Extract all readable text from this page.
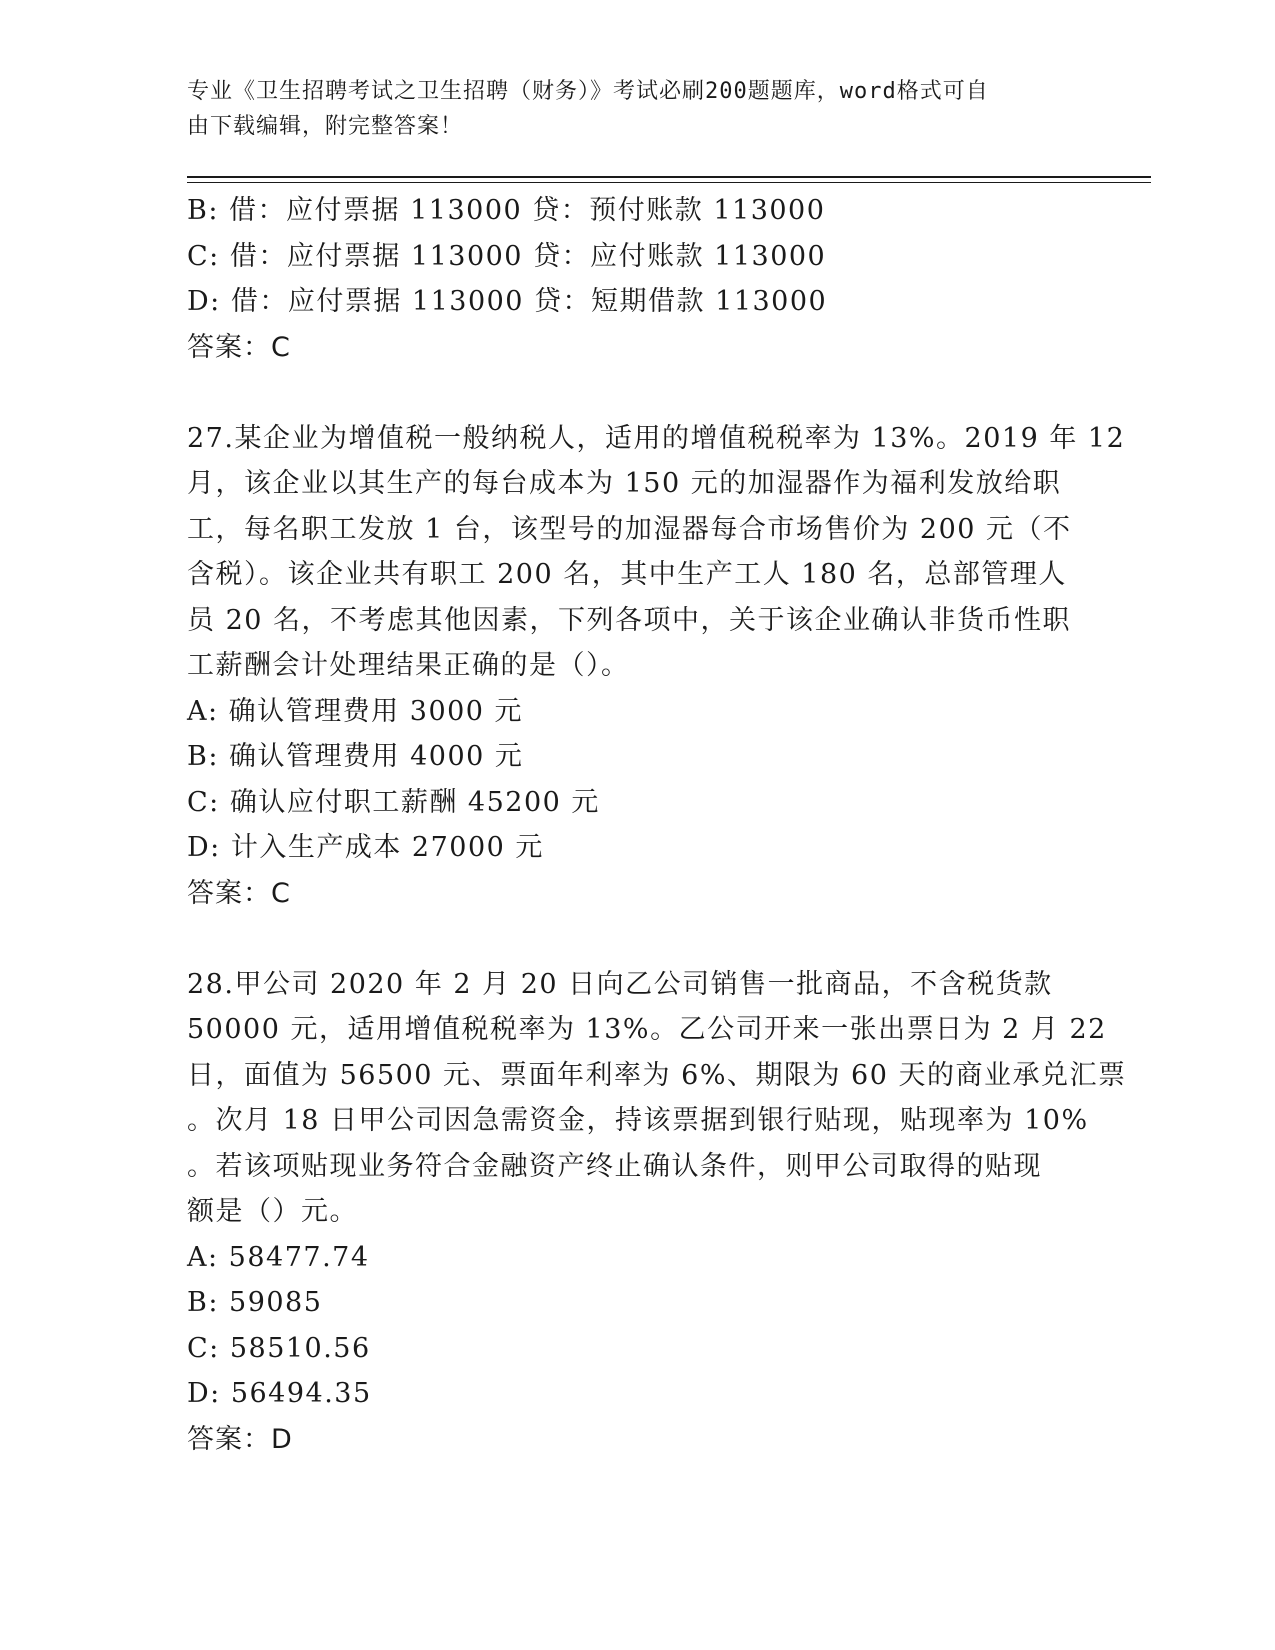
专业《卫生招聘考试之卫生招聘（财务）》考试必刷200题题库，word格式可自
由下载编辑，附完整答案！
B: 借：应付票据 113000 贷：预付账款 113000
C: 借：应付票据 113000 贷：应付账款 113000
D: 借：应付票据 113000 贷：短期借款 113000
答案：C
27.某企业为增值税一般纳税人，适用的增值税税率为 13%。2019 年 12
月，该企业以其生产的每台成本为 150 元的加湿器作为福利发放给职
工，每名职工发放 1 台，该型号的加湿器每合市场售价为 200 元（不
含税）。该企业共有职工 200 名，其中生产工人 180 名，总部管理人
员 20 名，不考虑其他因素，下列各项中，关于该企业确认非货币性职
工薪酬会计处理结果正确的是（）。
A: 确认管理费用 3000 元
B: 确认管理费用 4000 元
C: 确认应付职工薪酬 45200 元
D: 计入生产成本 27000 元
答案：C
28.甲公司 2020 年 2 月 20 日向乙公司销售一批商品，不含税货款
50000 元，适用增值税税率为 13%。乙公司开来一张出票日为 2 月 22
日，面值为 56500 元、票面年利率为 6%、期限为 60 天的商业承兑汇票
。次月 18 日甲公司因急需资金，持该票据到银行贴现，贴现率为 10%
。若该项贴现业务符合金融资产终止确认条件，则甲公司取得的贴现
额是（）元。
A: 58477.74
B: 59085
C: 58510.56
D: 56494.35
答案：D
